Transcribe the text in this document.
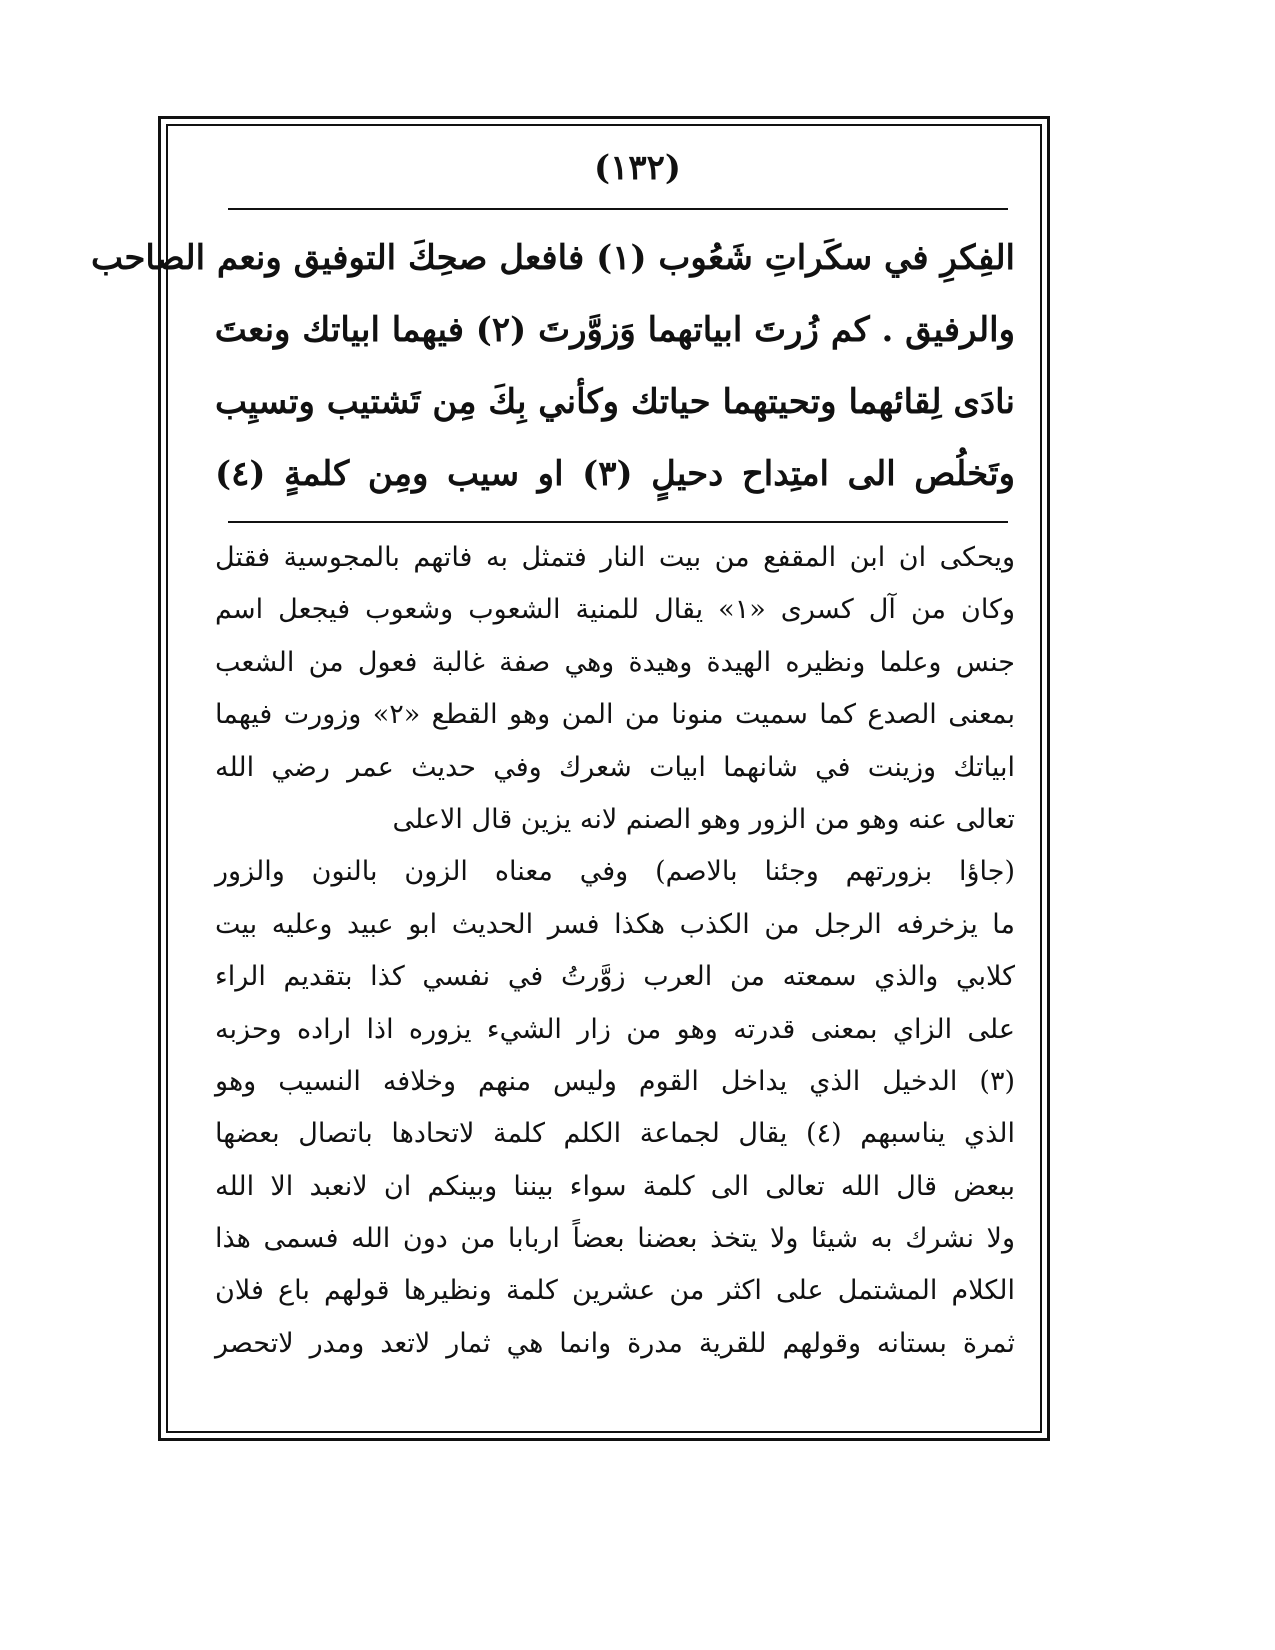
(١٣٢)
الفِكرِ في سكَراتِ شَعُوب (١) فافعل صحِكَ التوفيق ونعم الصاحب
والرفيق . كم زُرتَ ابياتهما وَزوَّرتَ (٢) فيهما ابياتك ونعتَ
نادَى لِقائهما وتحيتهما حياتك وكأني بِكَ مِن تَشتيب وتسيِب
وتَخلُص الى امتِداح دحيلٍ (٣) او سيب ومِن كلمةٍ (٤)
ويحكى ان ابن المقفع من بيت النار فتمثل به فاتهم بالمجوسية فقتل
وكان من آل كسرى «١» يقال للمنية الشعوب وشعوب فيجعل اسم
جنس وعلما ونظيره الهيدة وهيدة وهي صفة غالبة فعول من الشعب
بمعنى الصدع كما سميت منونا من المن وهو القطع «٢» وزورت فيهما
ابياتك وزينت في شانهما ابيات شعرك وفي حديث عمر رضي الله
تعالى عنه وهو من الزور وهو الصنم لانه يزين قال الاعلى
(جاؤا بزورتهم وجئنا بالاصم) وفي معناه الزون بالنون والزور
ما يزخرفه الرجل من الكذب هكذا فسر الحديث ابو عبيد وعليه بيت
كلابي والذي سمعته من العرب زوَّرتُ في نفسي كذا بتقديم الراء
على الزاي بمعنى قدرته وهو من زار الشيء يزوره اذا اراده وحزبه
(٣) الدخيل الذي يداخل القوم وليس منهم وخلافه النسيب وهو
الذي يناسبهم (٤) يقال لجماعة الكلم كلمة لاتحادها باتصال بعضها
ببعض قال الله تعالى الى كلمة سواء بيننا وبينكم ان لانعبد الا الله
ولا نشرك به شيئا ولا يتخذ بعضنا بعضاً اربابا من دون الله فسمى هذا
الكلام المشتمل على اكثر من عشرين كلمة ونظيرها قولهم باع فلان
ثمرة بستانه وقولهم للقرية مدرة وانما هي ثمار لاتعد ومدر لاتحصر
